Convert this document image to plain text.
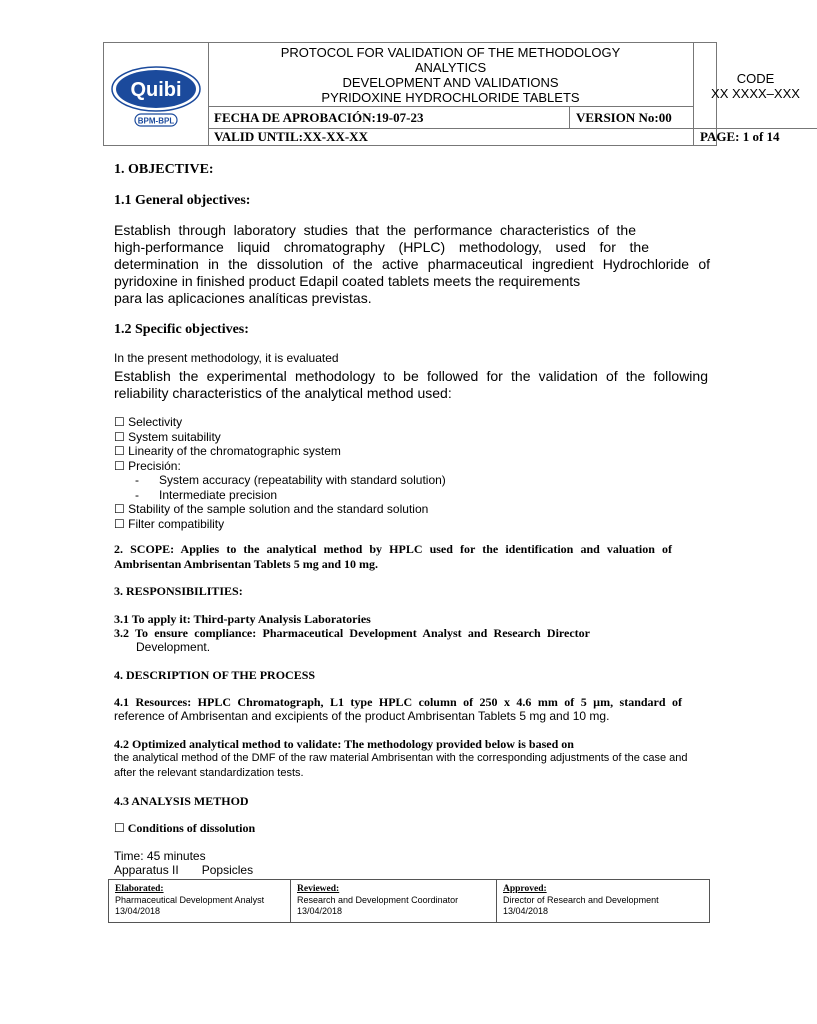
Quibi
BPM-BPL
PROTOCOL FOR VALIDATION OF THE METHODOLOGY
ANALYTICS
DEVELOPMENT AND VALIDATIONS
PYRIDOXINE HYDROCHLORIDE TABLETS
CODE
XX XXXX–XXX
FECHA DE APROBACIÓN:19-07-23	VERSION No:00
VALID UNTIL:XX-XX-XX	PAGE: 1 of 14
1. OBJECTIVE:
1.1 General objectives:
Establish through laboratory studies that the performance characteristics of the
high-performance liquid chromatography (HPLC) methodology, used for the
determination in the dissolution of the active pharmaceutical ingredient Hydrochloride of
pyridoxine in finished product Edapil coated tablets meets the requirements
para las aplicaciones analíticas previstas.
1.2 Specific objectives:
In the present methodology, it is evaluated
Establish the experimental methodology to be followed for the validation of the following
reliability characteristics of the analytical method used:
☐ Selectivity
☐ System suitability
☐ Linearity of the chromatographic system
☐ Precisión:
- System accuracy (repeatability with standard solution)
- Intermediate precision
☐ Stability of the sample solution and the standard solution
☐ Filter compatibility
2. SCOPE: Applies to the analytical method by HPLC used for the identification and valuation of
Ambrisentan Ambrisentan Tablets 5 mg and 10 mg.
3. RESPONSIBILITIES:
3.1 To apply it: Third-party Analysis Laboratories
3.2 To ensure compliance: Pharmaceutical Development Analyst and Research Director
Development.
4. DESCRIPTION OF THE PROCESS
4.1 Resources: HPLC Chromatograph, L1 type HPLC column of 250 x 4.6 mm of 5 µm, standard of
reference of Ambrisentan and excipients of the product Ambrisentan Tablets 5 mg and 10 mg.
4.2 Optimized analytical method to validate: The methodology provided below is based on
the analytical method of the DMF of the raw material Ambrisentan with the corresponding adjustments of the case and
after the relevant standardization tests.
4.3 ANALYSIS METHOD
☐ Conditions of dissolution
Time: 45 minutes
Apparatus II Popsicles
Elaborated:
Pharmaceutical Development Analyst
13/04/2018
Reviewed:
Research and Development Coordinator
13/04/2018
Approved:
Director of Research and Development
13/04/2018
